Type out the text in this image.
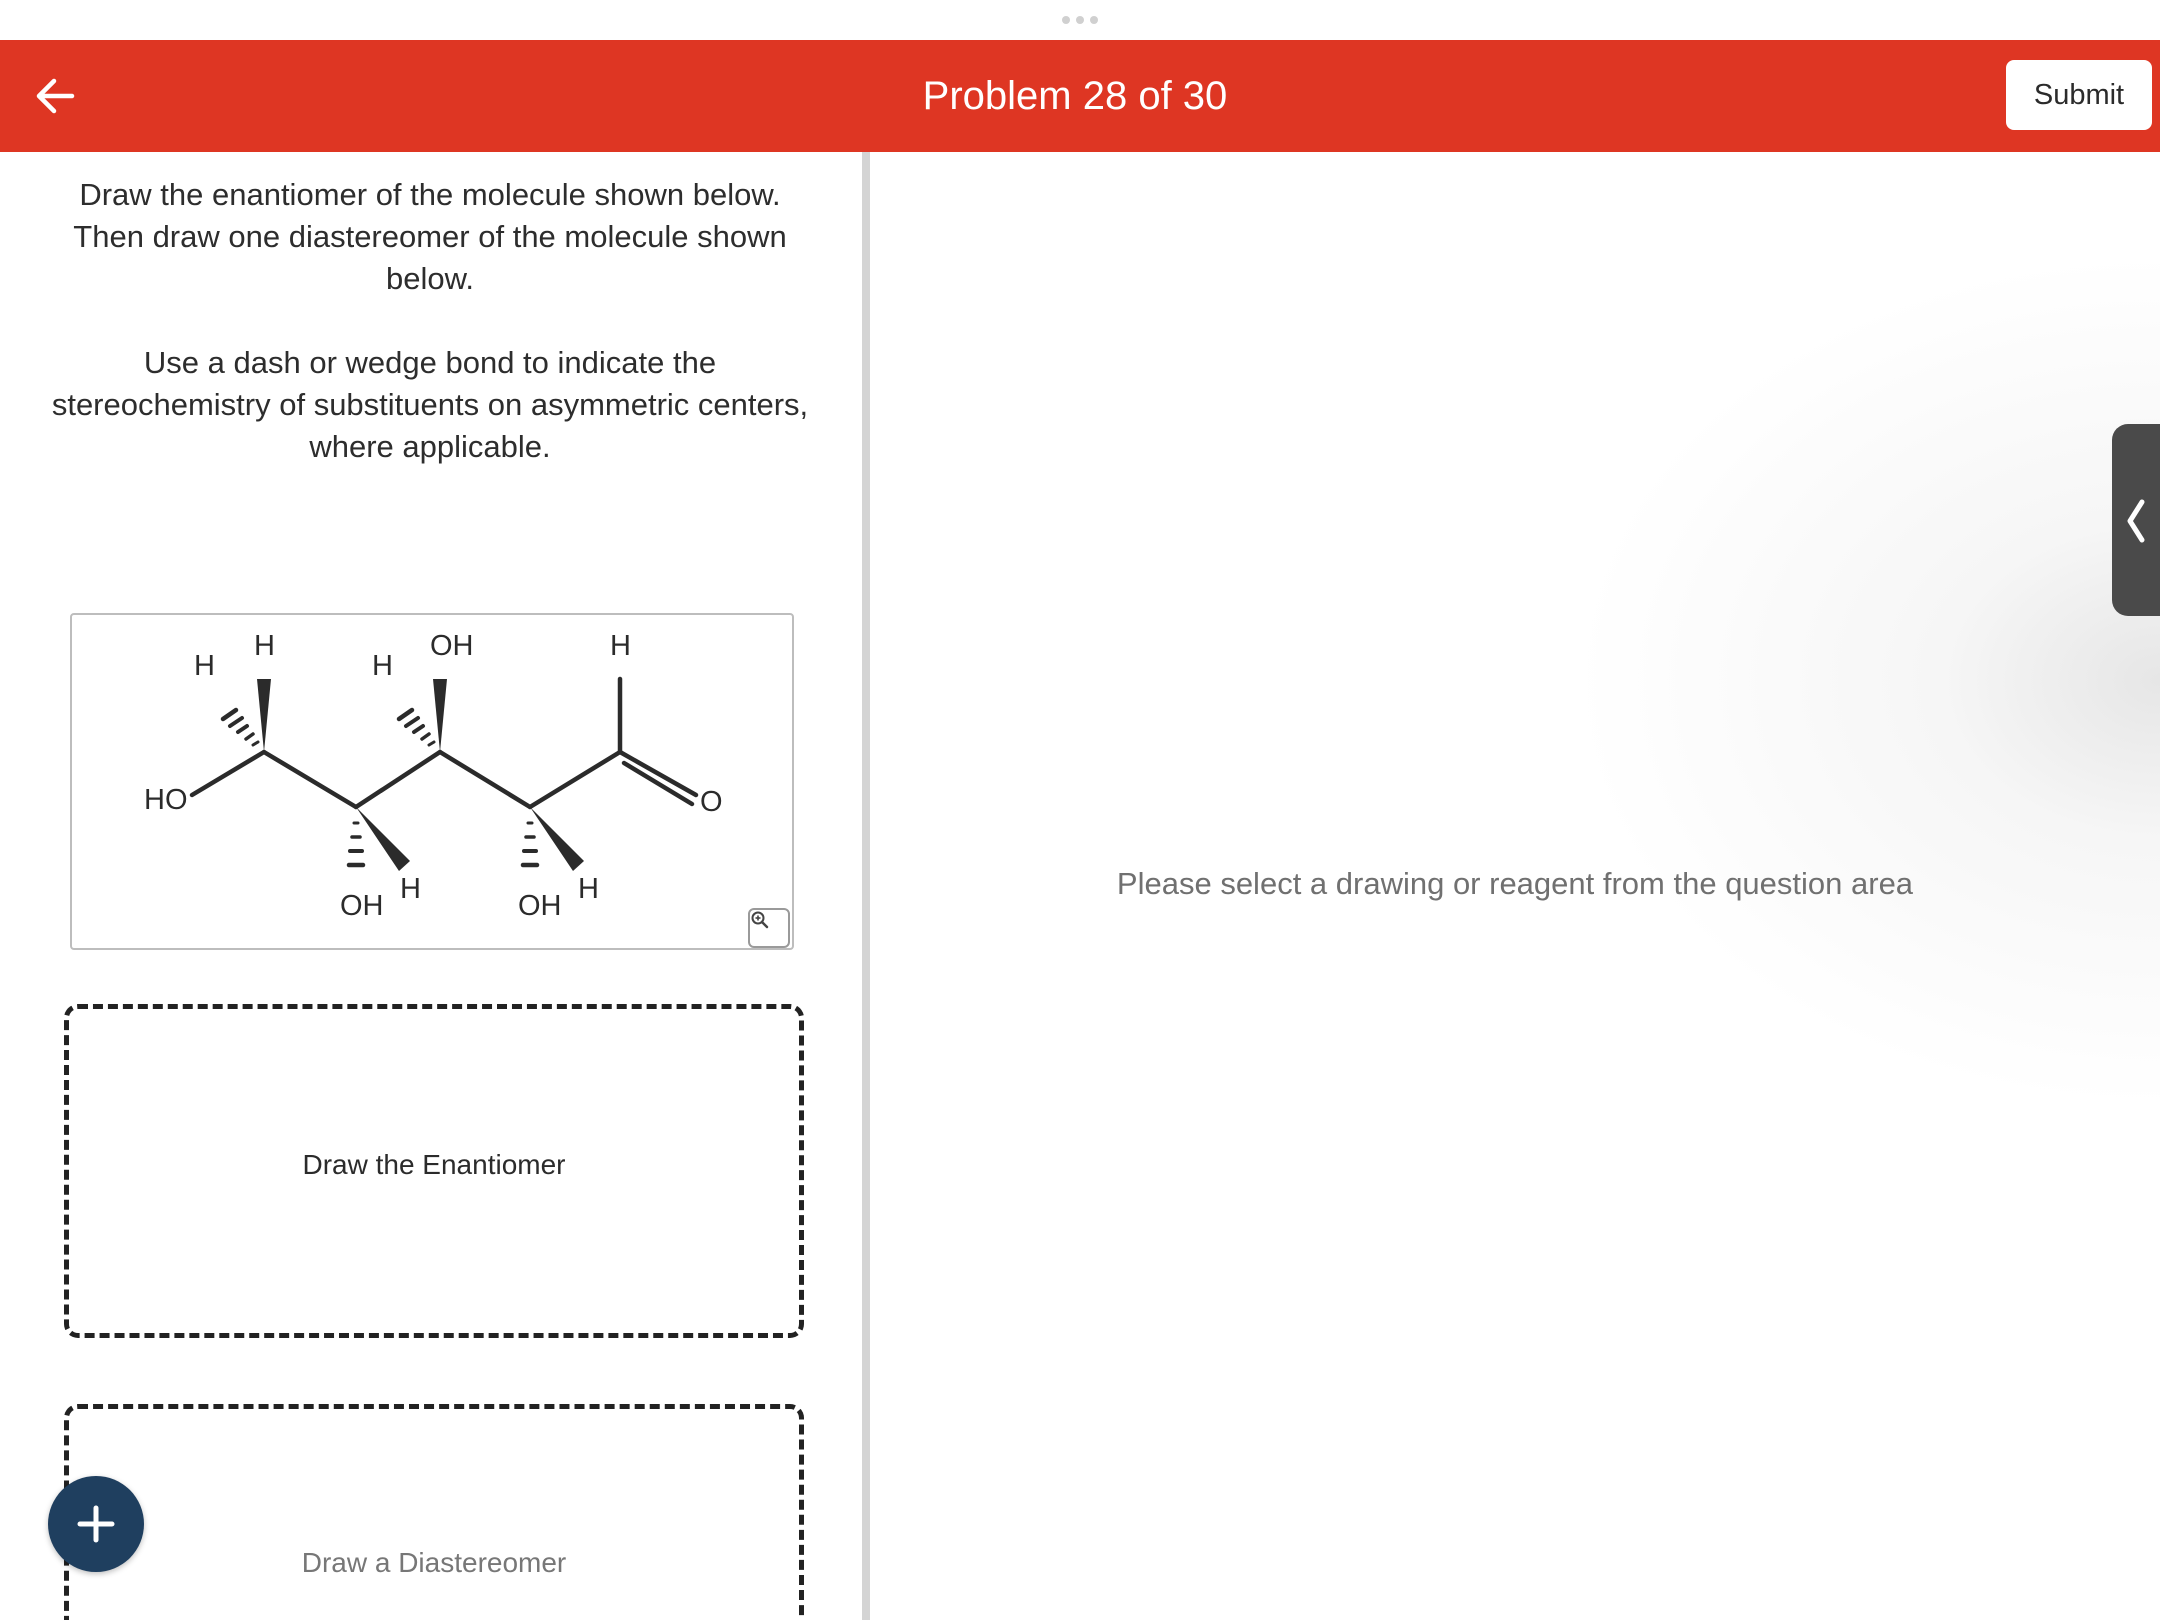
Problem 28 of 30	Submit

Draw the enantiomer of the molecule shown below. Then draw one diastereomer of the molecule shown below.

Use a dash or wedge bond to indicate the stereochemistry of substituents on asymmetric centers, where applicable.

HO
H
H
H
OH	H
O
OH
H
OH
H
Draw the Enantiomer
Draw a Diastereomer
Please select a drawing or reagent from the question area
